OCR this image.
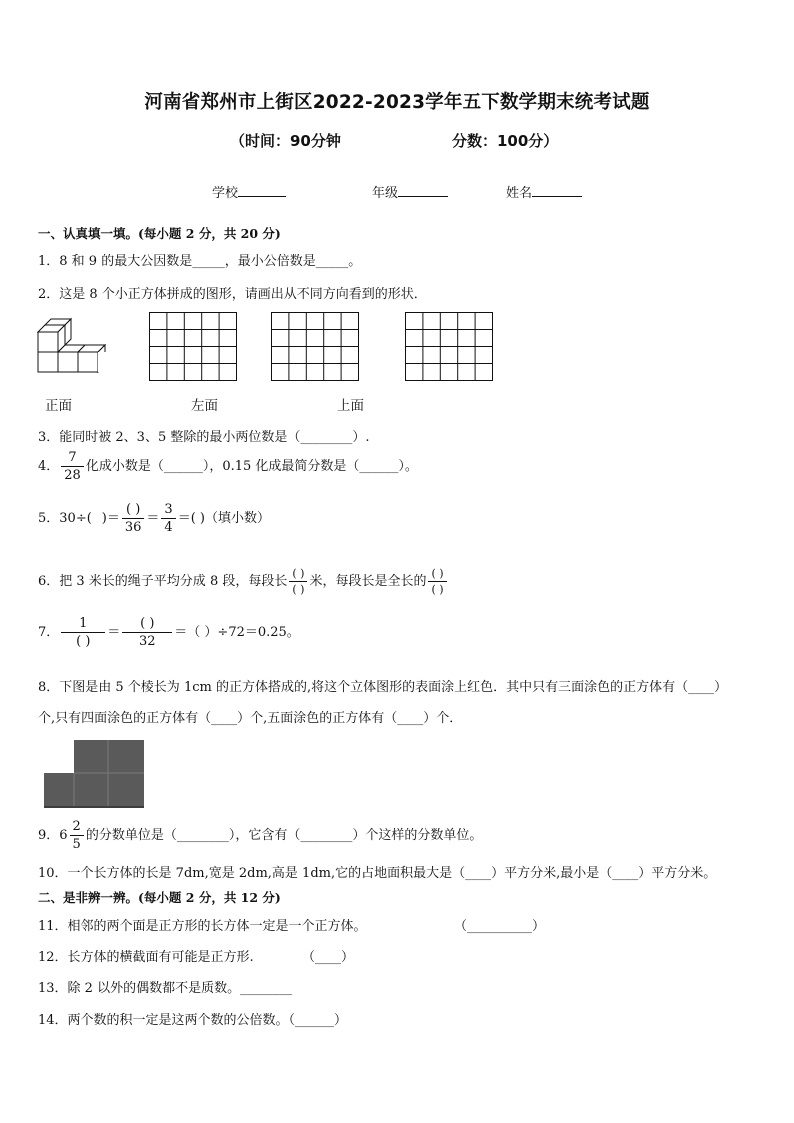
河南省郑州市上街区2022-2023学年五下数学期末统考试题
（时间：90分钟	分数：100分）
学校	年级	姓名
一、认真填一填。(每小题 2 分，共 20 分)
1．8 和 9 的最大公因数是_____，最小公倍数是_____。
2．这是 8 个小正方体拼成的图形，请画出从不同方向看到的形状．
正面	左面	上面
3．能同时被 2、3、5 整除的最小两位数是（________）.
4． $\frac{7}{28}$ 化成小数是（______），0.15 化成最简分数是（______）。
5．30÷( )＝ $\frac{( )}{36} = \frac{3}{4}$ ＝( )（填小数）
6．把 3 米长的绳子平均分成 8 段，每段长 $\frac{( )}{( )}$ 米，每段长是全长的 $\frac{( )}{( )}$
7． $\frac{1}{( )} = \frac{( )}{32}$ ＝（ ）÷72＝0.25。
8．下图是由 5 个棱长为 1cm 的正方体搭成的,将这个立体图形的表面涂上红色．其中只有三面涂色的正方体有（____）
个,只有四面涂色的正方体有（____）个,五面涂色的正方体有（____）个．
9．$6 \frac{2}{5}$ 的分数单位是（________），它含有（________）个这样的分数单位。
10．一个长方体的长是 7dm,宽是 2dm,高是 1dm,它的占地面积最大是（____）平方分米,最小是（____）平方分米。
二、是非辨一辨。(每小题 2 分，共 12 分)
11．相邻的两个面是正方形的长方体一定是一个正方体。	（__________）
12．长方体的横截面有可能是正方形.	（____）
13．除 2 以外的偶数都不是质数。________
14．两个数的积一定是这两个数的公倍数。（______）
